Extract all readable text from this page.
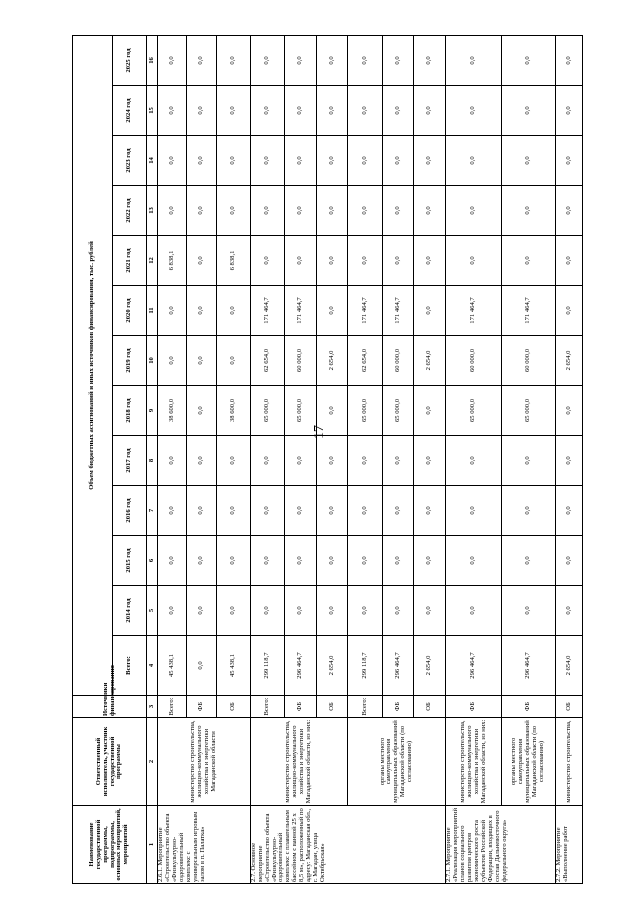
17
Наименование государственной программы, подпрограммы, основных мероприятий, мероприятий	Ответственный исполнитель, участник государственной программы	Источники финансирования	Объем бюджетных ассигнований и иных источников финансирования, тыс. рублей												
			Всего:	2014 год	2015 год	2016 год	2017 год	2018 год	2019 год	2020 год	2021 год	2022 год	2023 год	2024 год	2025 год
1	2	3	4	5	6	7	8	9	10	11	12	13	14	15	16
2.6.1. Мероприятие «Строительство объекта «Физкультурно-оздоровительный комплекс с универсальным игровым залом в п. Палатка»	министерство строительства, жилищно-коммунального хозяйства и энергетики Магаданской области	Всего:	45 438,1	0,0	0,0	0,0	0,0	38 600,0	0,0	0,0	6 838,1	0,0	0,0	0,0	0,0
		ФБ	0,0	0,0	0,0	0,0	0,0	0,0	0,0	0,0	0,0	0,0	0,0	0,0	0,0
		ОБ	45 438,1	0,0	0,0	0,0	0,0	38 600,0	0,0	0,0	6 838,1	0,0	0,0	0,0	0,0
2.7. Основное мероприятие «Строительство объекта «Физкультурно-оздоровительный комплекс с плавательным бассейном с ванной 25 х 8,5 м», расположенный по адресу: Магаданская обл., г. Магадан, улица Октябрьская»	министерство строительства, жилищно-коммунального хозяйства и энергетики Магаданской области, из них:	Всего:	299 118,7	0,0	0,0	0,0	0,0	65 000,0	62 654,0	171 464,7	0,0	0,0	0,0	0,0	0,0
		ФБ	296 464,7	0,0	0,0	0,0	0,0	65 000,0	60 000,0	171 464,7	0,0	0,0	0,0	0,0	0,0
		ОБ	2 654,0	0,0	0,0	0,0	0,0	0,0	2 654,0	0,0	0,0	0,0	0,0	0,0	0,0
	органы местного самоуправления муниципальных образований Магаданской области (по согласованию)	Всего:	299 118,7	0,0	0,0	0,0	0,0	65 000,0	62 654,0	171 464,7	0,0	0,0	0,0	0,0	0,0
		ФБ	296 464,7	0,0	0,0	0,0	0,0	65 000,0	60 000,0	171 464,7	0,0	0,0	0,0	0,0	0,0
		ОБ	2 654,0	0,0	0,0	0,0	0,0	0,0	2 654,0	0,0	0,0	0,0	0,0	0,0	0,0
2.7.1. Мероприятие «Реализация мероприятий планов социального развития центров экономического роста субъектов Российской Федерации, входящих в состав Дальневосточного федерального округа»	министерство строительства, жилищно-коммунального хозяйства и энергетики Магаданской области, из них:	ФБ	296 464,7	0,0	0,0	0,0	0,0	65 000,0	60 000,0	171 464,7	0,0	0,0	0,0	0,0	0,0
	органы местного самоуправления муниципальных образований Магаданской области (по согласованию)	ФБ	296 464,7	0,0	0,0	0,0	0,0	65 000,0	60 000,0	171 464,7	0,0	0,0	0,0	0,0	0,0
2.7.2. Мероприятие «Выполнение работ	министерство строительства,	ОБ	2 654,0	0,0	0,0	0,0	0,0	0,0	2 654,0	0,0	0,0	0,0	0,0	0,0	0,0
